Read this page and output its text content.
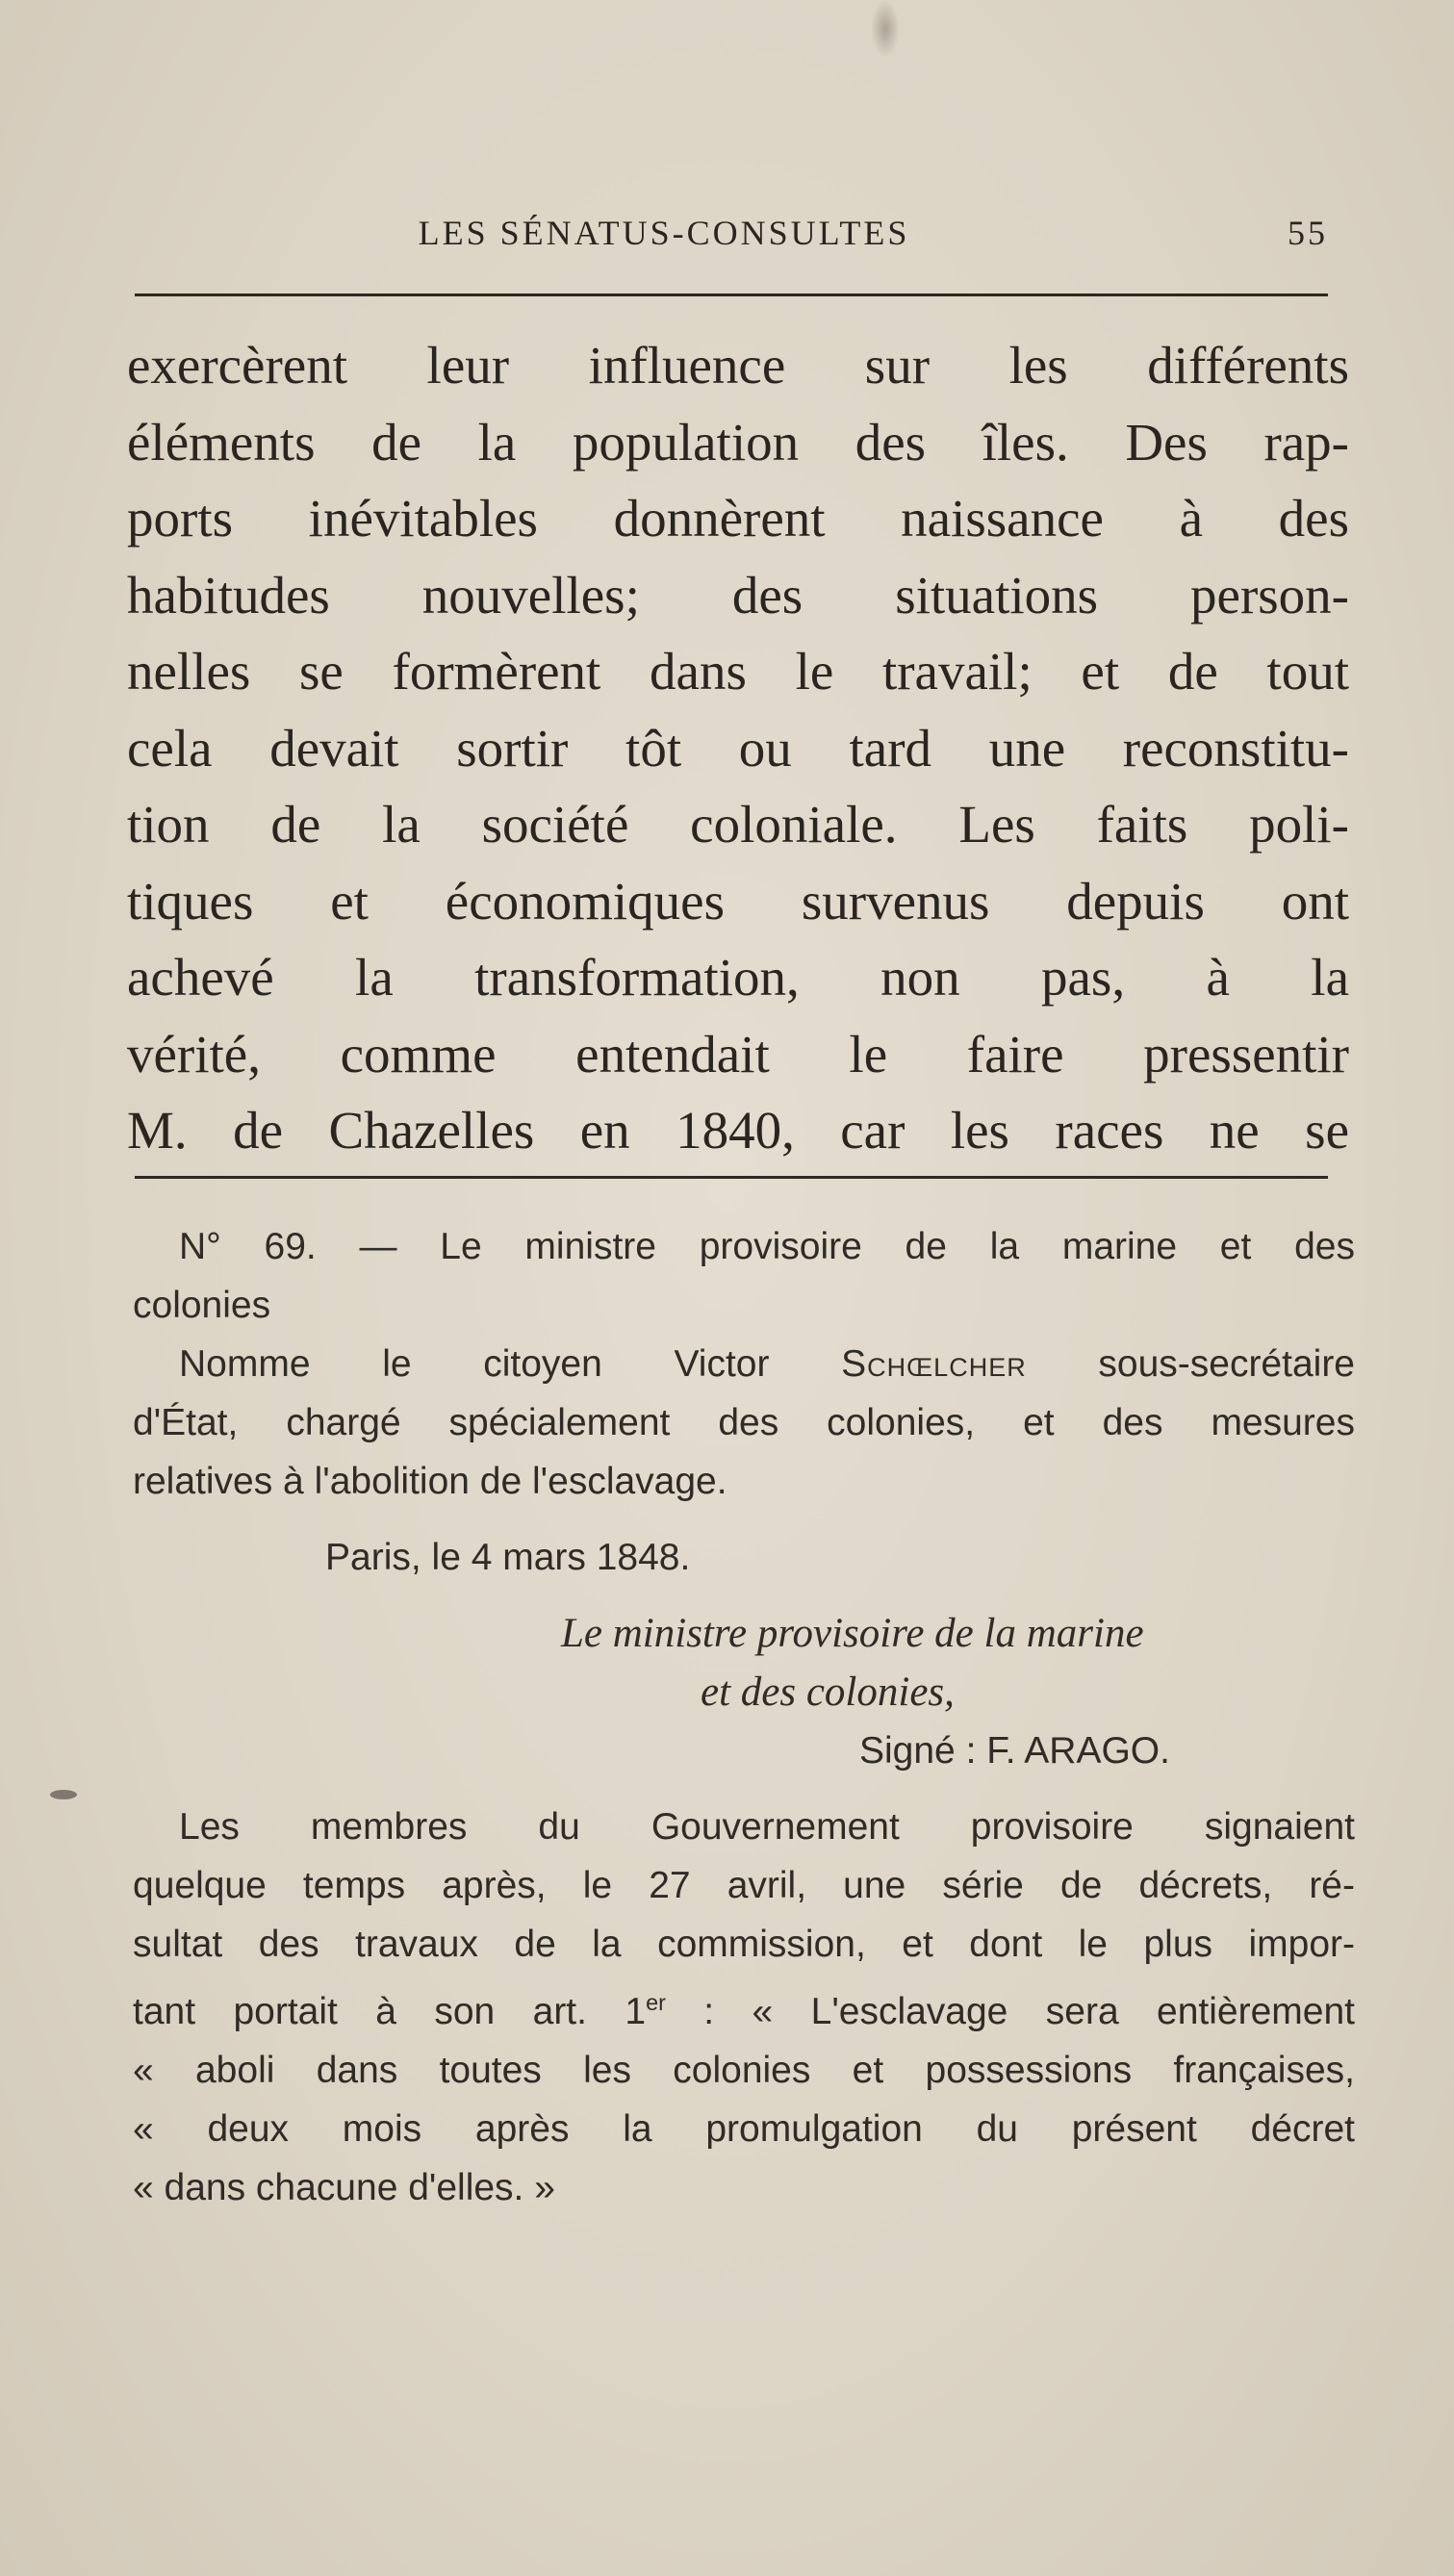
LES SÉNATUS-CONSULTES	55
exercèrent leur influence sur les différents
éléments de la population des îles. Des rap-
ports inévitables donnèrent naissance à des
habitudes nouvelles; des situations person-
nelles se formèrent dans le travail; et de tout
cela devait sortir tôt ou tard une reconstitu-
tion de la société coloniale. Les faits poli-
tiques et économiques survenus depuis ont
achevé la transformation, non pas, à la
vérité, comme entendait le faire pressentir
M. de Chazelles en 1840, car les races ne se
N° 69. — Le ministre provisoire de la marine et des
colonies
Nomme le citoyen Victor Schœlcher sous-secrétaire
d'État, chargé spécialement des colonies, et des mesures
relatives à l'abolition de l'esclavage.
Paris, le 4 mars 1848.
Le ministre provisoire de la marine
et des colonies,
Signé : F. ARAGO.
Les membres du Gouvernement provisoire signaient
quelque temps après, le 27 avril, une série de décrets, ré-
sultat des travaux de la commission, et dont le plus impor-
tant portait à son art. 1er : « L'esclavage sera entièrement
« aboli dans toutes les colonies et possessions françaises,
« deux mois après la promulgation du présent décret
« dans chacune d'elles. »
